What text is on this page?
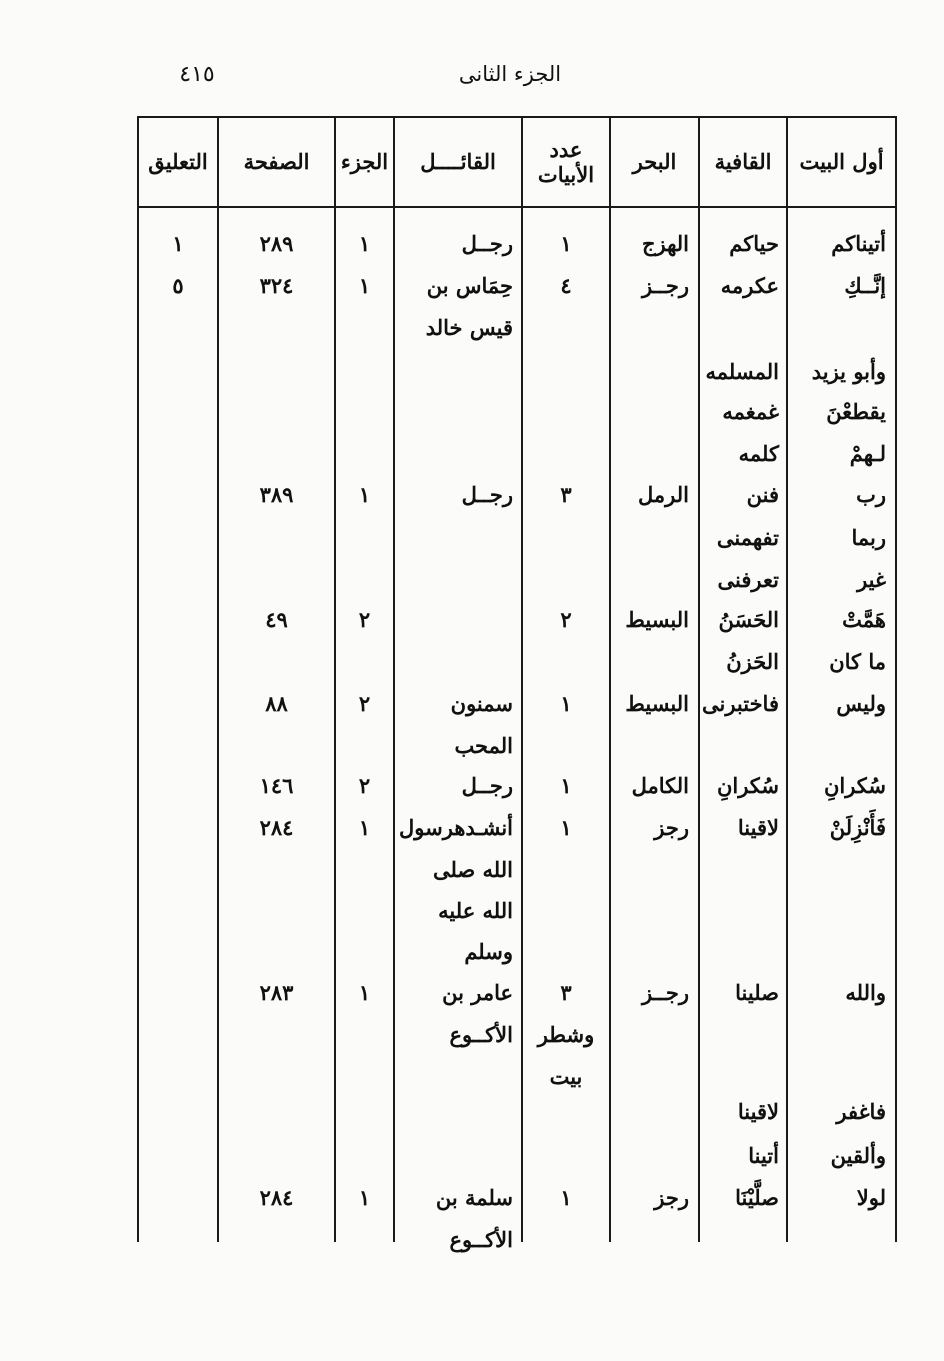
الجزء الثانى
٤١٥
أول البيت
القافية
البحر
عدد
الأبيات
القائــــل
الجزء
الصفحة
التعليق
أتيناكم
حياكم
الهزج
١
رجــل
١
٢٨٩
١
إنَّــكِ
عكرمه
رجــز
٤
حِمَاس بن
١
٣٢٤
٥
قيس خالد
وأبو يزيد
المسلمه
يقطعْنَ
غمغمه
لـهمْ
كلمه
رب
فنن
الرمل
٣
رجــل
١
٣٨٩
ربما
تفهمنى
غير
تعرفنى
هَمَّتْ
الحَسَنُ
البسيط
٢
٢
٤٩
ما كان
الحَزنُ
وليس
فاختبرنى
البسيط
١
سمنون
٢
٨٨
المحب
سُكرانِ
سُكرانِ
الكامل
١
رجــل
٢
١٤٦
فَأَنْزِلَنْ
لاقينا
رجز
١
أنشـدهرسول
١
٢٨٤
الله صلى
الله عليه
وسلم
والله
صلينا
رجــز
٣
عامر بن
١
٢٨٣
وشطر
الأكــوع
بيت
فاغفر
لاقينا
وألقين
أتينا
لولا
صلَّيْنَا
رجز
١
سلمة بن
١
٢٨٤
الأكــوع
